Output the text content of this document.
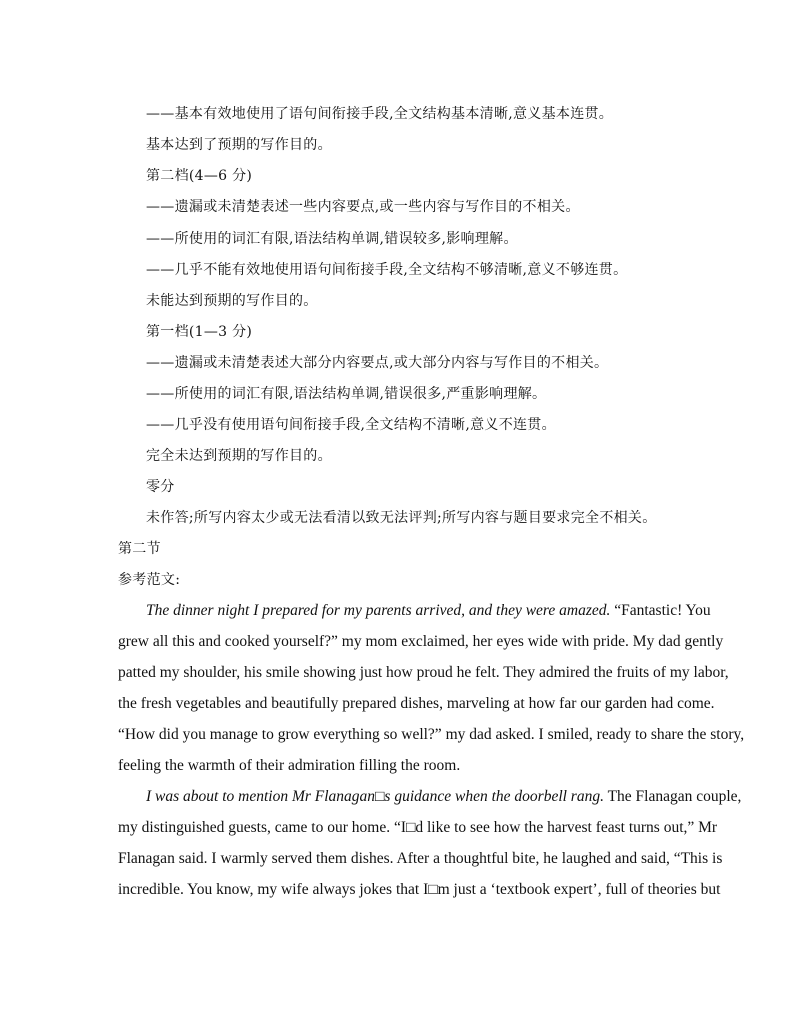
——基本有效地使用了语句间衔接手段,全文结构基本清晰,意义基本连贯。
基本达到了预期的写作目的。
第二档(4—6 分)
——遗漏或未清楚表述一些内容要点,或一些内容与写作目的不相关。
——所使用的词汇有限,语法结构单调,错误较多,影响理解。
——几乎不能有效地使用语句间衔接手段,全文结构不够清晰,意义不够连贯。
未能达到预期的写作目的。
第一档(1—3 分)
——遗漏或未清楚表述大部分内容要点,或大部分内容与写作目的不相关。
——所使用的词汇有限,语法结构单调,错误很多,严重影响理解。
——几乎没有使用语句间衔接手段,全文结构不清晰,意义不连贯。
完全未达到预期的写作目的。
零分
未作答;所写内容太少或无法看清以致无法评判;所写内容与题目要求完全不相关。
第二节
参考范文:
The dinner night I prepared for my parents arrived, and they were amazed. “Fantastic! You
grew all this and cooked yourself?” my mom exclaimed, her eyes wide with pride. My dad gently
patted my shoulder, his smile showing just how proud he felt. They admired the fruits of my labor,
the fresh vegetables and beautifully prepared dishes, marveling at how far our garden had come.
“How did you manage to grow everything so well?” my dad asked. I smiled, ready to share the story,
feeling the warmth of their admiration filling the room.
I was about to mention Mr Flanagan□s guidance when the doorbell rang. The Flanagan couple,
my distinguished guests, came to our home. “I□d like to see how the harvest feast turns out,” Mr
Flanagan said. I warmly served them dishes. After a thoughtful bite, he laughed and said, “This is
incredible. You know, my wife always jokes that I□m just a ‘textbook expert’, full of theories but
